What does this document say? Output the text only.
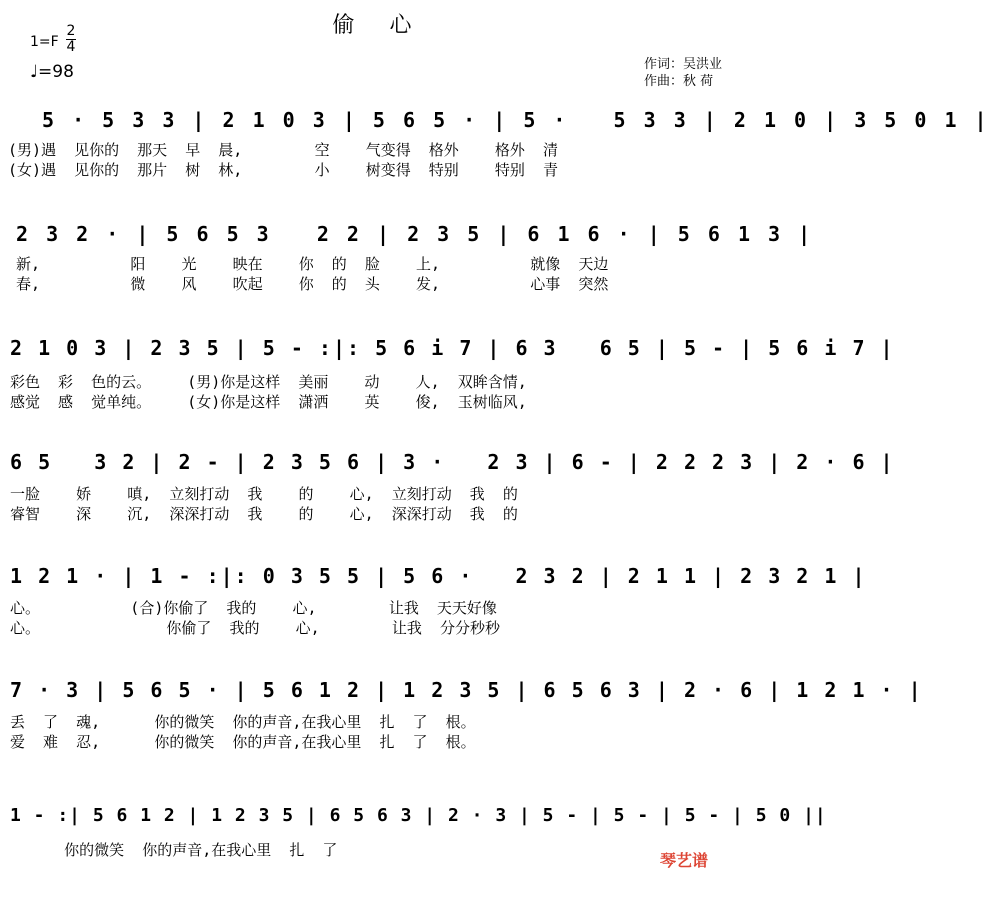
偷 心
1=F
2
4
♩=98	作词：吴洪业
作曲：秋 荷
5 · 5 3 3 | 2 1 0 3 | 5 6 5 · | 5 ·   5 3 3 | 2 1 0 | 3 5 0 1 |
(男)遇  见你的  那天  早  晨,        空    气变得  格外    格外  清
(女)遇  见你的  那片  树  林,        小    树变得  特别    特别  青
2 3 2 · | 5 6 5 3   2 2 | 2 3 5 | 6 1 6 · | 5 6 1 3 |
新,          阳    光    映在    你  的  脸    上,          就像  天边
春,          微    风    吹起    你  的  头    发,          心事  突然
2 1 0 3 | 2 3 5 | 5 - :|: 5 6 i 7 | 6 3   6 5 | 5 - | 5 6 i 7 |
彩色  彩  色的云。    (男)你是这样  美丽    动    人,  双眸含情,
感觉  感  觉单纯。    (女)你是这样  潇洒    英    俊,  玉树临风,
6 5   3 2 | 2 - | 2 3 5 6 | 3 ·   2 3 | 6 - | 2 2 2 3 | 2 · 6 |
一脸    娇    嗔,  立刻打动  我    的    心,  立刻打动  我  的
睿智    深    沉,  深深打动  我    的    心,  深深打动  我  的
1 2 1 · | 1 - :|: 0 3 5 5 | 5 6 ·   2 3 2 | 2 1 1 | 2 3 2 1 |
心。          (合)你偷了  我的    心,        让我  天天好像
心。              你偷了  我的    心,        让我  分分秒秒
7 · 3 | 5 6 5 · | 5 6 1 2 | 1 2 3 5 | 6 5 6 3 | 2 · 6 | 1 2 1 · |
丢  了  魂,      你的微笑  你的声音,在我心里  扎  了  根。
爱  难  忍,      你的微笑  你的声音,在我心里  扎  了  根。
1 - :| 5 6 1 2 | 1 2 3 5 | 6 5 6 3 | 2 · 3 | 5 - | 5 - | 5 - | 5 0 ||
你的微笑  你的声音,在我心里  扎  了
琴艺谱
